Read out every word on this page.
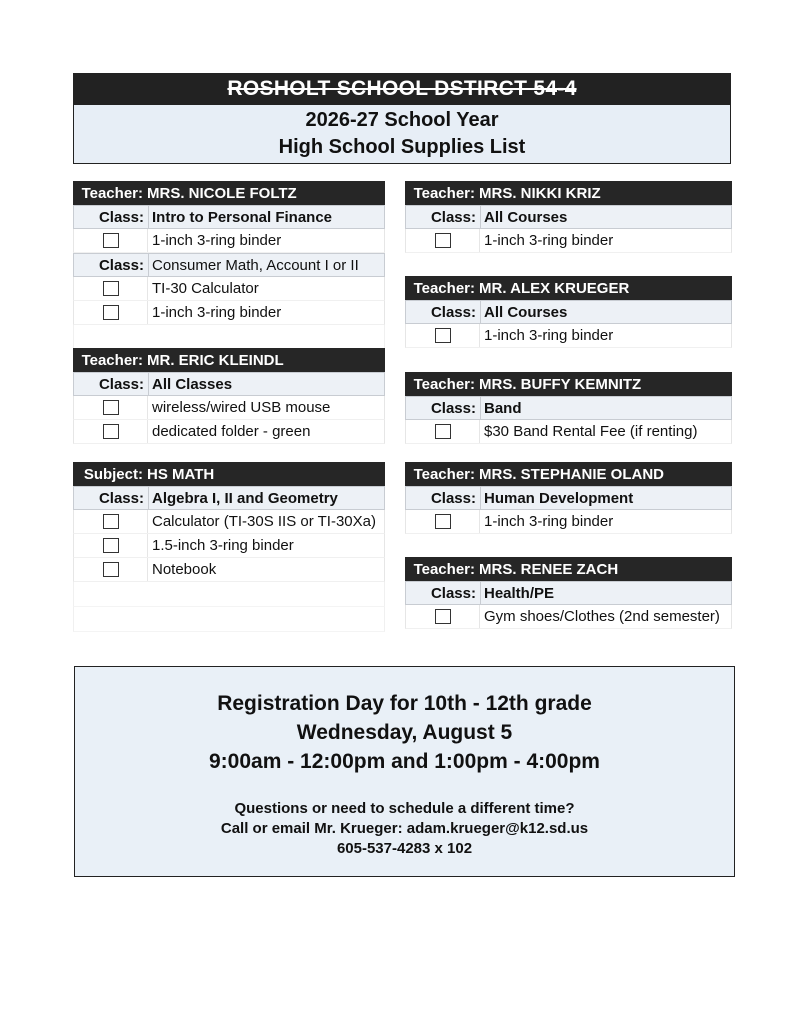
ROSHOLT SCHOOL DSTIRCT 54-4
2026-27 School Year
High School Supplies List
Teacher: MRS. NICOLE FOLTZ
Class: Intro to Personal Finance
1-inch 3-ring binder
Class: Consumer Math, Account I or II
TI-30 Calculator
1-inch 3-ring binder
Teacher: MR. ERIC KLEINDL
Class: All Classes
wireless/wired USB mouse
dedicated folder - green
Subject: HS MATH
Class: Algebra I, II and Geometry
Calculator (TI-30S IIS or TI-30Xa)
1.5-inch 3-ring binder
Notebook
Teacher: MRS. NIKKI KRIZ
Class: All Courses
1-inch 3-ring binder
Teacher: MR. ALEX KRUEGER
Class: All Courses
1-inch 3-ring binder
Teacher: MRS. BUFFY KEMNITZ
Class: Band
$30 Band Rental Fee (if renting)
Teacher: MRS. STEPHANIE OLAND
Class: Human Development
1-inch 3-ring binder
Teacher: MRS. RENEE ZACH
Class: Health/PE
Gym shoes/Clothes (2nd semester)
Registration Day for 10th - 12th grade
Wednesday, August 5
9:00am - 12:00pm and 1:00pm - 4:00pm
Questions or need to schedule a different time?
Call or email Mr. Krueger: adam.krueger@k12.sd.us
605-537-4283 x 102
